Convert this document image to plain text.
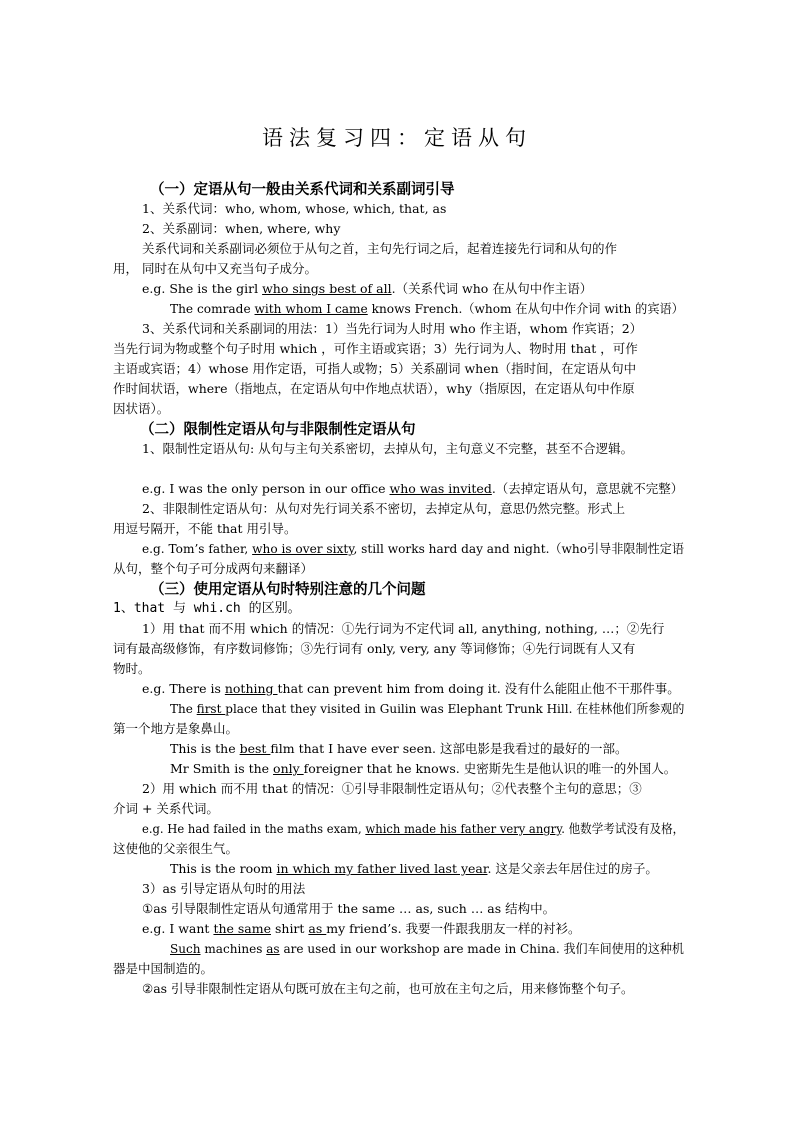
语法复习四：定语从句
（一）定语从句一般由关系代词和关系副词引导
1、关系代词：who, whom, whose, which, that, as
2、关系副词：when, where, why
关系代词和关系副词必须位于从句之首，主句先行词之后，起着连接先行词和从句的作
用， 同时在从句中又充当句子成分。
e.g. She is the girl who sings best of all.（关系代词 who 在从句中作主语）
The comrade with whom I came knows French.（whom 在从句中作介词 with 的宾语）
3、关系代词和关系副词的用法：1）当先行词为人时用 who 作主语，whom 作宾语；2）
当先行词为物或整个句子时用 which ，可作主语或宾语；3）先行词为人、物时用 that ，可作
主语或宾语；4）whose 用作定语，可指人或物；5）关系副词 when（指时间，在定语从句中
作时间状语，where（指地点，在定语从句中作地点状语），why（指原因，在定语从句中作原
因状语）。
（二）限制性定语从句与非限制性定语从句
1、限制性定语从句: 从句与主句关系密切，去掉从句，主句意义不完整，甚至不合逻辑。
e.g. I was the only person in our office who was invited.（去掉定语从句，意思就不完整）
2、非限制性定语从句：从句对先行词关系不密切，去掉定从句，意思仍然完整。形式上
用逗号隔开，不能 that 用引导。
e.g. Tom’s father, who is over sixty, still works hard day and night.（who引导非限制性定语
从句，整个句子可分成两句来翻译）
（三）使用定语从句时特别注意的几个问题
1、that 与 whi.ch 的区别。
1）用 that 而不用 which 的情况：①先行词为不定代词 all, anything, nothing, …；②先行
词有最高级修饰，有序数词修饰；③先行词有 only, very, any 等词修饰；④先行词既有人又有
物时。
e.g. There is nothing that can prevent him from doing it. 没有什么能阻止他不干那件事。
The first place that they visited in Guilin was Elephant Trunk Hill. 在桂林他们所参观的
第一个地方是象鼻山。
This is the best film that I have ever seen. 这部电影是我看过的最好的一部。
Mr Smith is the only foreigner that he knows. 史密斯先生是他认识的唯一的外国人。
2）用 which 而不用 that 的情况：①引导非限制性定语从句；②代表整个主句的意思；③
介词 + 关系代词。
e.g. He had failed in the maths exam, which made his father very angry. 他数学考试没有及格，
这使他的父亲很生气。
This is the room in which my father lived last year. 这是父亲去年居住过的房子。
3）as 引导定语从句时的用法
①as 引导限制性定语从句通常用于 the same … as, such … as 结构中。
e.g. I want the same shirt as my friend’s. 我要一件跟我朋友一样的衬衫。
Such machines as are used in our workshop are made in China. 我们车间使用的这种机
器是中国制造的。
②as 引导非限制性定语从句既可放在主句之前，也可放在主句之后，用来修饰整个句子。
